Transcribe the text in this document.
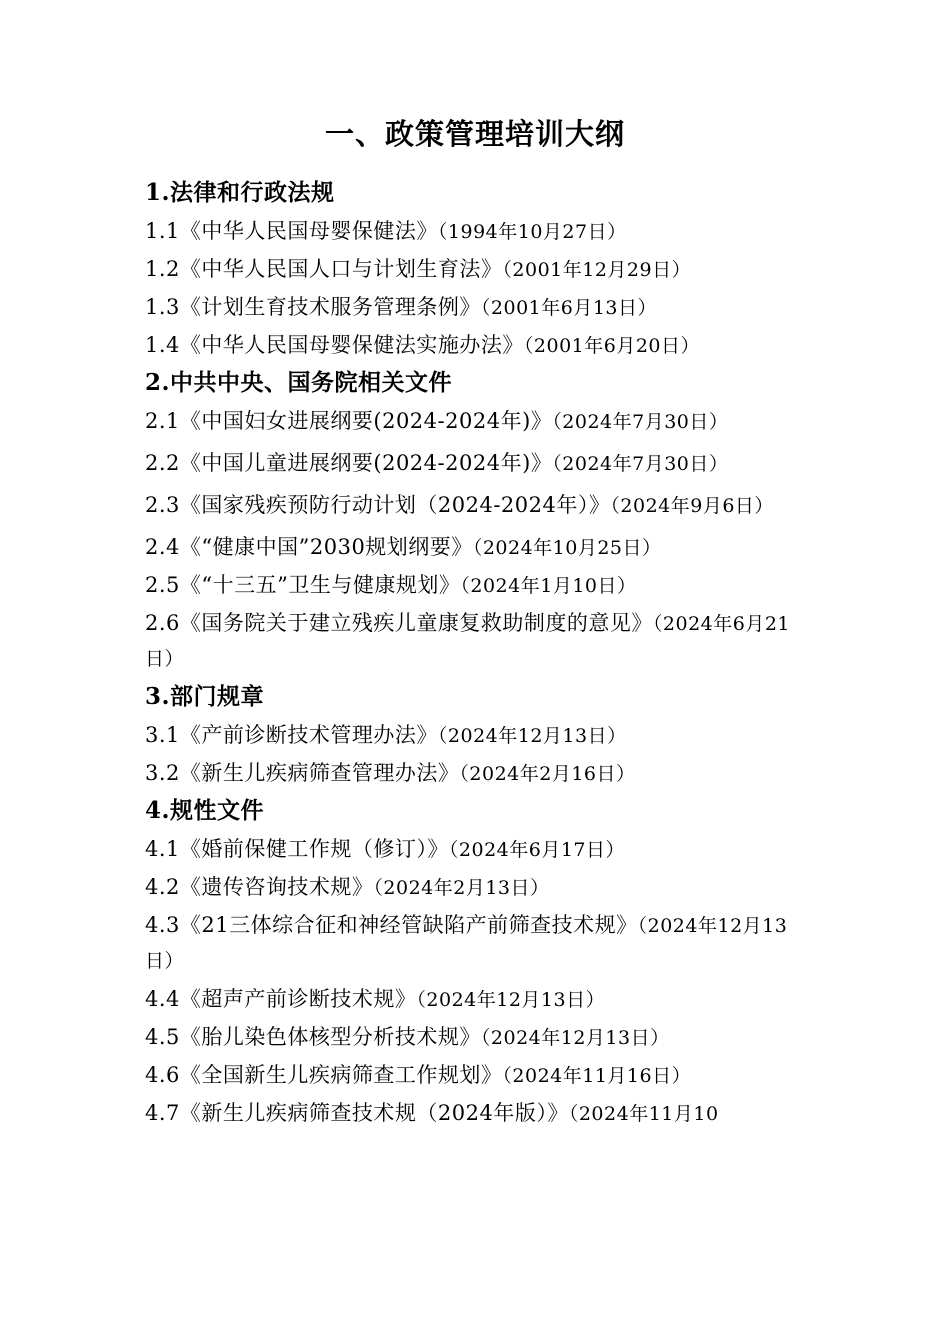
一、政策管理培训大纲
1.法律和行政法规
1.1《中华人民国母婴保健法》（1994年10月27日）
1.2《中华人民国人口与计划生育法》（2001年12月29日）
1.3《计划生育技术服务管理条例》（2001年6月13日）
1.4《中华人民国母婴保健法实施办法》（2001年6月20日）
2.中共中央、国务院相关文件
2.1《中国妇女进展纲要(2024-2024年)》（2024年7月30日）
2.2《中国儿童进展纲要(2024-2024年)》（2024年7月30日）
2.3《国家残疾预防行动计划（2024-2024年）》（2024年9月6日）
2.4《“健康中国”2030规划纲要》（2024年10月25日）
2.5《“十三五”卫生与健康规划》（2024年1月10日）
2.6《国务院关于建立残疾儿童康复救助制度的意见》（2024年6月21日）
3.部门规章
3.1《产前诊断技术管理办法》（2024年12月13日）
3.2《新生儿疾病筛查管理办法》（2024年2月16日）
4.规性文件
4.1《婚前保健工作规（修订）》（2024年6月17日）
4.2《遗传咨询技术规》（2024年2月13日）
4.3《21三体综合征和神经管缺陷产前筛查技术规》（2024年12月13日）
4.4《超声产前诊断技术规》（2024年12月13日）
4.5《胎儿染色体核型分析技术规》（2024年12月13日）
4.6《全国新生儿疾病筛查工作规划》（2024年11月16日）
4.7《新生儿疾病筛查技术规（2024年版）》（2024年11月10
